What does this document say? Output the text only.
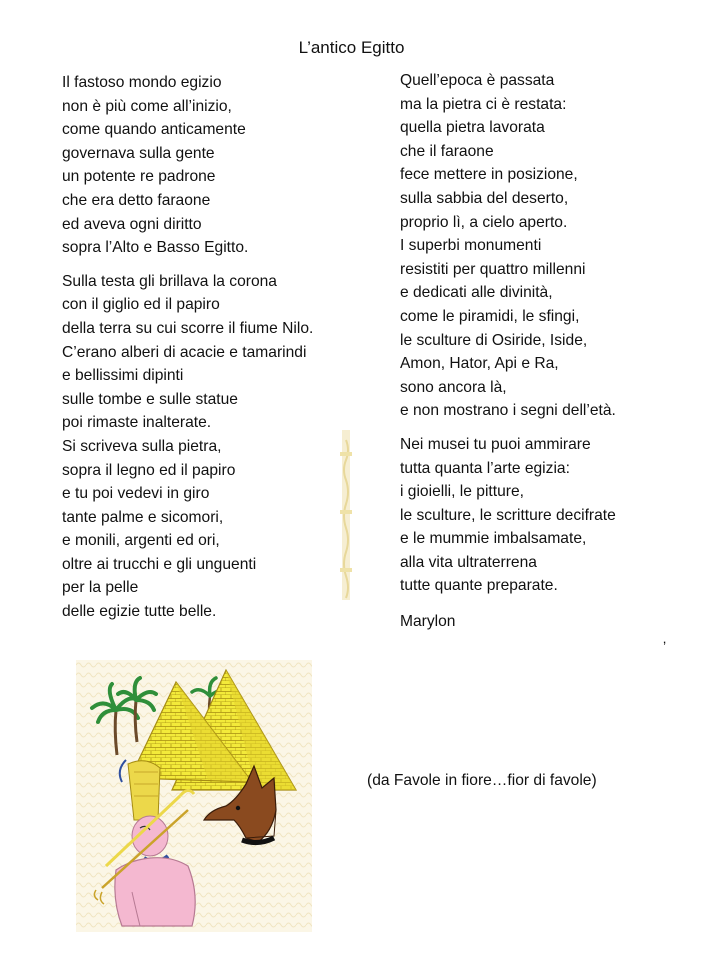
L’antico Egitto
Il fastoso mondo egizio
non è più come all’inizio,
come quando anticamente
governava sulla gente
un potente re padrone
che era detto faraone
ed aveva ogni diritto
sopra l’Alto e Basso Egitto.
Sulla testa gli brillava la corona
con il giglio ed il papiro
della terra su cui scorre il fiume Nilo.
C’erano alberi di acacie e tamarindi
e bellissimi dipinti
sulle tombe e sulle statue
poi rimaste inalterate.
Si scriveva sulla pietra,
sopra il legno ed il papiro
e tu poi vedevi in giro
tante palme e sicomori,
e monili, argenti ed ori,
oltre ai trucchi e gli unguenti
per la pelle
delle egizie tutte belle.
Quell’epoca è passata
ma la pietra ci è restata:
quella pietra lavorata
che il faraone
fece mettere in posizione,
sulla sabbia del deserto,
proprio lì, a cielo aperto.
I superbi monumenti
resistiti per quattro millenni
e dedicati alle divinità,
come le piramidi, le sfingi,
le sculture di Osiride, Iside,
Amon, Hator, Api e Ra,
sono ancora là,
e non mostrano i segni dell’età.
Nei musei tu puoi ammirare
tutta quanta l’arte egizia:
i gioielli, le pitture,
le sculture, le scritture decifrate
e le mummie imbalsamate,
alla vita ultraterrena
tutte quante preparate.
Marylon
‚
(da Favole in fiore…fior di favole)
